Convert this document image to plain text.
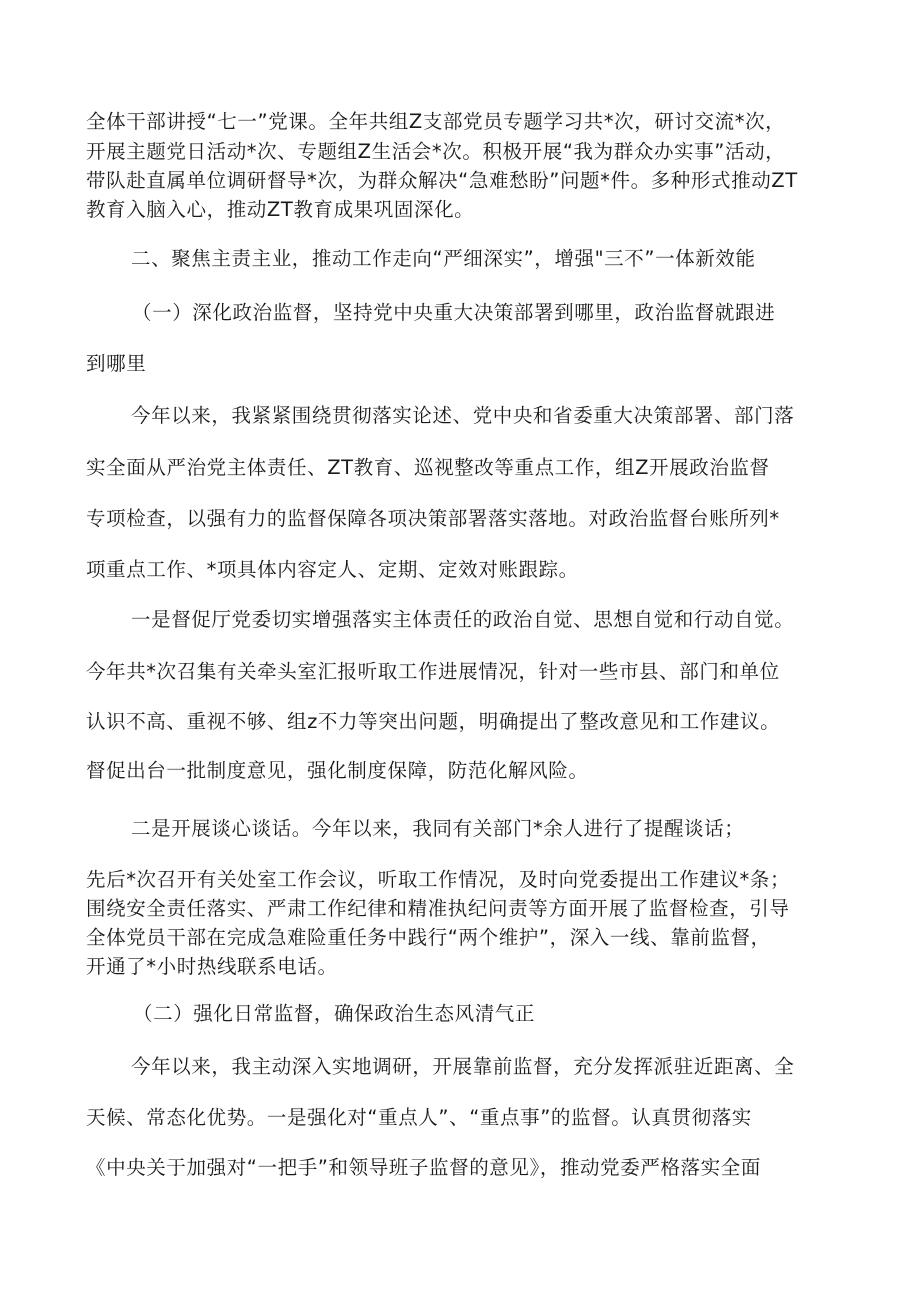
全体干部讲授“七一”党课。全年共组Z支部党员专题学习共*次，研讨交流*次，
开展主题党日活动*次、专题组Z生活会*次。积极开展“我为群众办实事”活动，
带队赴直属单位调研督导*次，为群众解决“急难愁盼”问题*件。多种形式推动ZT
教育入脑入心，推动ZT教育成果巩固深化。
二、聚焦主责主业，推动工作走向“严细深实”，增强"三不”一体新效能
（一）深化政治监督，坚持党中央重大决策部署到哪里，政治监督就跟进
到哪里
今年以来，我紧紧围绕贯彻落实论述、党中央和省委重大决策部署、部门落
实全面从严治党主体责任、ZT教育、巡视整改等重点工作，组Z开展政治监督
专项检查，以强有力的监督保障各项决策部署落实落地。对政治监督台账所列*
项重点工作、*项具体内容定人、定期、定效对账跟踪。
一是督促厅党委切实增强落实主体责任的政治自觉、思想自觉和行动自觉。
今年共*次召集有关牵头室汇报听取工作进展情况，针对一些市县、部门和单位
认识不高、重视不够、组z不力等突出问题，明确提出了整改意见和工作建议。
督促出台一批制度意见，强化制度保障，防范化解风险。
二是开展谈心谈话。今年以来，我同有关部门*余人进行了提醒谈话；
先后*次召开有关处室工作会议，听取工作情况，及时向党委提出工作建议*条；
围绕安全责任落实、严肃工作纪律和精准执纪问责等方面开展了监督检查，引导
全体党员干部在完成急难险重任务中践行“两个维护”，深入一线、靠前监督，
开通了*小时热线联系电话。
（二）强化日常监督，确保政治生态风清气正
今年以来，我主动深入实地调研，开展靠前监督，充分发挥派驻近距离、全
天候、常态化优势。一是强化对“重点人”、“重点事”的监督。认真贯彻落实
《中央关于加强对“一把手”和领导班子监督的意见》，推动党委严格落实全面
